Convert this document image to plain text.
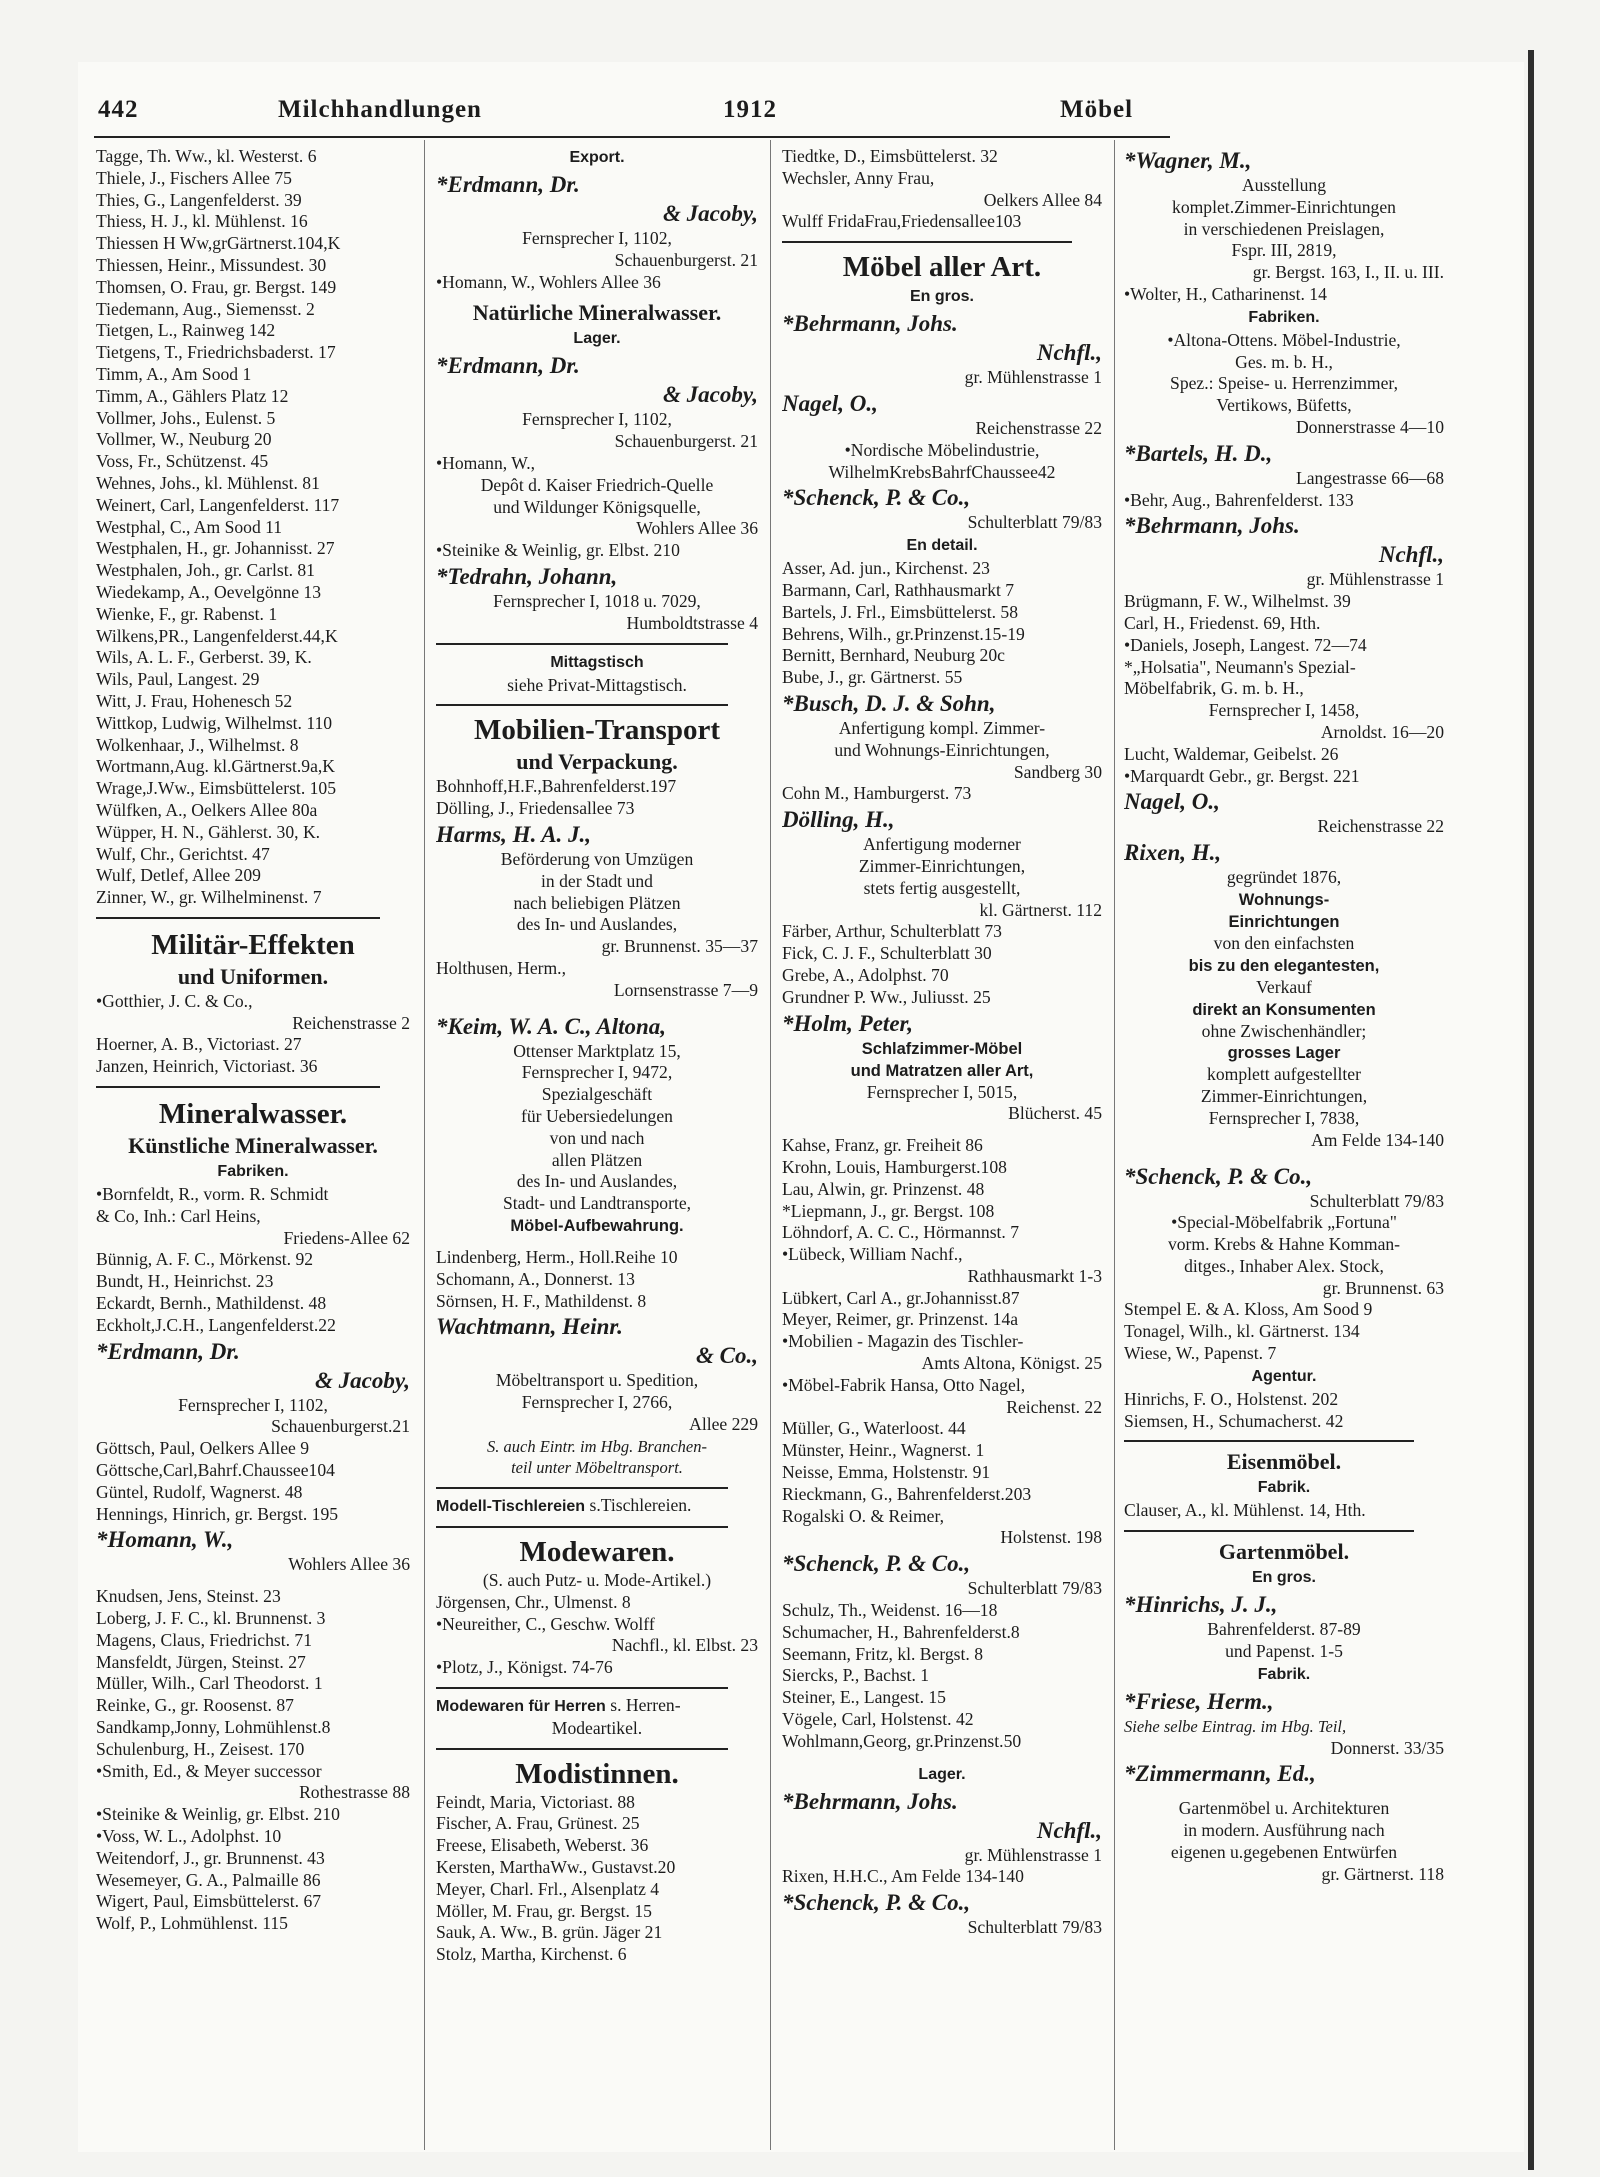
442	Milchhandlungen	1912	Möbel
Tagge, Th. Ww., kl. Westerst. 6
Thiele, J., Fischers Allee 75
Thies, G., Langenfelderst. 39
Thiess, H. J., kl. Mühlenst. 16
Thiessen H Ww,grGärtnerst.104,K
Thiessen, Heinr., Missundest. 30
Thomsen, O. Frau, gr. Bergst. 149
Tiedemann, Aug., Siemensst. 2
Tietgen, L., Rainweg 142
Tietgens, T., Friedrichsbaderst. 17
Timm, A., Am Sood 1
Timm, A., Gählers Platz 12
Vollmer, Johs., Eulenst. 5
Vollmer, W., Neuburg 20
Voss, Fr., Schützenst. 45
Wehnes, Johs., kl. Mühlenst. 81
Weinert, Carl, Langenfelderst. 117
Westphal, C., Am Sood 11
Westphalen, H., gr. Johannisst. 27
Westphalen, Joh., gr. Carlst. 81
Wiedekamp, A., Oevelgönne 13
Wienke, F., gr. Rabenst. 1
Wilkens,PR., Langenfelderst.44,K
Wils, A. L. F., Gerberst. 39, K.
Wils, Paul, Langest. 29
Witt, J. Frau, Hohenesch 52
Wittkop, Ludwig, Wilhelmst. 110
Wolkenhaar, J., Wilhelmst. 8
Wortmann,Aug. kl.Gärtnerst.9a,K
Wrage,J.Ww., Eimsbüttelerst. 105
Wülfken, A., Oelkers Allee 80a
Wüpper, H. N., Gählerst. 30, K.
Wulf, Chr., Gerichtst. 47
Wulf, Detlef, Allee 209
Zinner, W., gr. Wilhelminenst. 7
Militär-Effekten
und Uniformen.
•Gotthier, J. C. & Co.,
Reichenstrasse 2
Hoerner, A. B., Victoriast. 27
Janzen, Heinrich, Victoriast. 36
Mineralwasser.
Künstliche Mineralwasser.
Fabriken.
•Bornfeldt, R., vorm. R. Schmidt
& Co, Inh.: Carl Heins,
Friedens-Allee 62
Bünnig, A. F. C., Mörkenst. 92
Bundt, H., Heinrichst. 23
Eckardt, Bernh., Mathildenst. 48
Eckholt,J.C.H., Langenfelderst.22
*Erdmann, Dr.
& Jacoby,
Fernsprecher I, 1102,
Schauenburgerst.21
Göttsch, Paul, Oelkers Allee 9
Göttsche,Carl,Bahrf.Chaussee104
Güntel, Rudolf, Wagnerst. 48
Hennings, Hinrich, gr. Bergst. 195
*Homann, W.,
Wohlers Allee 36
Knudsen, Jens, Steinst. 23
Loberg, J. F. C., kl. Brunnenst. 3
Magens, Claus, Friedrichst. 71
Mansfeldt, Jürgen, Steinst. 27
Müller, Wilh., Carl Theodorst. 1
Reinke, G., gr. Roosenst. 87
Sandkamp,Jonny, Lohmühlenst.8
Schulenburg, H., Zeisest. 170
•Smith, Ed., & Meyer successor
Rothestrasse 88
•Steinike & Weinlig, gr. Elbst. 210
•Voss, W. L., Adolphst. 10
Weitendorf, J., gr. Brunnenst. 43
Wesemeyer, G. A., Palmaille 86
Wigert, Paul, Eimsbüttelerst. 67
Wolf, P., Lohmühlenst. 115
Export.
*Erdmann, Dr.
& Jacoby,
Fernsprecher I, 1102,
Schauenburgerst. 21
•Homann, W., Wohlers Allee 36
Natürliche Mineralwasser.
Lager.
*Erdmann, Dr.
& Jacoby,
Fernsprecher I, 1102,
Schauenburgerst. 21
•Homann, W.,
Depôt d. Kaiser Friedrich-Quelle
und Wildunger Königsquelle,
Wohlers Allee 36
•Steinike & Weinlig, gr. Elbst. 210
*Tedrahn, Johann,
Fernsprecher I, 1018 u. 7029,
Humboldtstrasse 4
Mittagstisch
siehe Privat-Mittagstisch.
Mobilien-Transport
und Verpackung.
Bohnhoff,H.F.,Bahrenfelderst.197
Dölling, J., Friedensallee 73
Harms, H. A. J.,
Beförderung von Umzügen
in der Stadt und
nach beliebigen Plätzen
des In- und Auslandes,
gr. Brunnenst. 35—37
Holthusen, Herm.,
Lornsenstrasse 7—9
*Keim, W. A. C., Altona,
Ottenser Marktplatz 15,
Fernsprecher I, 9472,
Spezialgeschäft
für Uebersiedelungen
von und nach
allen Plätzen
des In- und Auslandes,
Stadt- und Landtransporte,
Möbel-Aufbewahrung.
Lindenberg, Herm., Holl.Reihe 10
Schomann, A., Donnerst. 13
Sörnsen, H. F., Mathildenst. 8
Wachtmann, Heinr.
& Co.,
Möbeltransport u. Spedition,
Fernsprecher I, 2766,
Allee 229
S. auch Eintr. im Hbg. Branchen-
teil unter Möbeltransport.
Modell-Tischlereien s.Tischlereien.
Modewaren.
(S. auch Putz- u. Mode-Artikel.)
Jörgensen, Chr., Ulmenst. 8
•Neureither, C., Geschw. Wolff
Nachfl., kl. Elbst. 23
•Plotz, J., Königst. 74-76
Modewaren für Herren s. Herren-
Modeartikel.
Modistinnen.
Feindt, Maria, Victoriast. 88
Fischer, A. Frau, Grünest. 25
Freese, Elisabeth, Weberst. 36
Kersten, MarthaWw., Gustavst.20
Meyer, Charl. Frl., Alsenplatz 4
Möller, M. Frau, gr. Bergst. 15
Sauk, A. Ww., B. grün. Jäger 21
Stolz, Martha, Kirchenst. 6
Tiedtke, D., Eimsbüttelerst. 32
Wechsler, Anny Frau,
Oelkers Allee 84
Wulff FridaFrau,Friedensallee103
Möbel aller Art.
En gros.
*Behrmann, Johs.
Nchfl.,
gr. Mühlenstrasse 1
Nagel, O.,
Reichenstrasse 22
•Nordische Möbelindustrie,
WilhelmKrebsBahrfChaussee42
*Schenck, P. & Co.,
Schulterblatt 79/83
En detail.
Asser, Ad. jun., Kirchenst. 23
Barmann, Carl, Rathhausmarkt 7
Bartels, J. Frl., Eimsbüttelerst. 58
Behrens, Wilh., gr.Prinzenst.15-19
Bernitt, Bernhard, Neuburg 20c
Bube, J., gr. Gärtnerst. 55
*Busch, D. J. & Sohn,
Anfertigung kompl. Zimmer-
und Wohnungs-Einrichtungen,
Sandberg 30
Cohn M., Hamburgerst. 73
Dölling, H.,
Anfertigung moderner
Zimmer-Einrichtungen,
stets fertig ausgestellt,
kl. Gärtnerst. 112
Färber, Arthur, Schulterblatt 73
Fick, C. J. F., Schulterblatt 30
Grebe, A., Adolphst. 70
Grundner P. Ww., Juliusst. 25
*Holm, Peter,
Schlafzimmer-Möbel
und Matratzen aller Art,
Fernsprecher I, 5015,
Blücherst. 45
Kahse, Franz, gr. Freiheit 86
Krohn, Louis, Hamburgerst.108
Lau, Alwin, gr. Prinzenst. 48
*Liepmann, J., gr. Bergst. 108
Löhndorf, A. C. C., Hörmannst. 7
•Lübeck, William Nachf.,
Rathhausmarkt 1-3
Lübkert, Carl A., gr.Johannisst.87
Meyer, Reimer, gr. Prinzenst. 14a
•Mobilien - Magazin des Tischler-
Amts Altona, Königst. 25
•Möbel-Fabrik Hansa, Otto Nagel,
Reichenst. 22
Müller, G., Waterloost. 44
Münster, Heinr., Wagnerst. 1
Neisse, Emma, Holstenstr. 91
Rieckmann, G., Bahrenfelderst.203
Rogalski O. & Reimer,
Holstenst. 198
*Schenck, P. & Co.,
Schulterblatt 79/83
Schulz, Th., Weidenst. 16—18
Schumacher, H., Bahrenfelderst.8
Seemann, Fritz, kl. Bergst. 8
Siercks, P., Bachst. 1
Steiner, E., Langest. 15
Vögele, Carl, Holstenst. 42
Wohlmann,Georg, gr.Prinzenst.50
Lager.
*Behrmann, Johs.
Nchfl.,
gr. Mühlenstrasse 1
Rixen, H.H.C., Am Felde 134-140
*Schenck, P. & Co.,
Schulterblatt 79/83
*Wagner, M.,
Ausstellung
komplet.Zimmer-Einrichtungen
in verschiedenen Preislagen,
Fspr. III, 2819,
gr. Bergst. 163, I., II. u. III.
•Wolter, H., Catharinenst. 14
Fabriken.
•Altona-Ottens. Möbel-Industrie,
Ges. m. b. H.,
Spez.: Speise- u. Herrenzimmer,
Vertikows, Büfetts,
Donnerstrasse 4—10
*Bartels, H. D.,
Langestrasse 66—68
•Behr, Aug., Bahrenfelderst. 133
*Behrmann, Johs.
Nchfl.,
gr. Mühlenstrasse 1
Brügmann, F. W., Wilhelmst. 39
Carl, H., Friedenst. 69, Hth.
•Daniels, Joseph, Langest. 72—74
*„Holsatia", Neumann's Spezial-
Möbelfabrik, G. m. b. H.,
Fernsprecher I, 1458,
Arnoldst. 16—20
Lucht, Waldemar, Geibelst. 26
•Marquardt Gebr., gr. Bergst. 221
Nagel, O.,
Reichenstrasse 22
Rixen, H.,
gegründet 1876,
Wohnungs-
Einrichtungen
von den einfachsten
bis zu den elegantesten,
Verkauf
direkt an Konsumenten
ohne Zwischenhändler;
grosses Lager
komplett aufgestellter
Zimmer-Einrichtungen,
Fernsprecher I, 7838,
Am Felde 134-140
*Schenck, P. & Co.,
Schulterblatt 79/83
•Special-Möbelfabrik „Fortuna"
vorm. Krebs & Hahne Komman-
ditges., Inhaber Alex. Stock,
gr. Brunnenst. 63
Stempel E. & A. Kloss, Am Sood 9
Tonagel, Wilh., kl. Gärtnerst. 134
Wiese, W., Papenst. 7
Agentur.
Hinrichs, F. O., Holstenst. 202
Siemsen, H., Schumacherst. 42
Eisenmöbel.
Fabrik.
Clauser, A., kl. Mühlenst. 14, Hth.
Gartenmöbel.
En gros.
*Hinrichs, J. J.,
Bahrenfelderst. 87-89
und Papenst. 1-5
Fabrik.
*Friese, Herm.,
Siehe selbe Eintrag. im Hbg. Teil,
Donnerst. 33/35
*Zimmermann, Ed.,
Gartenmöbel u. Architekturen
in modern. Ausführung nach
eigenen u.gegebenen Entwürfen
gr. Gärtnerst. 118
